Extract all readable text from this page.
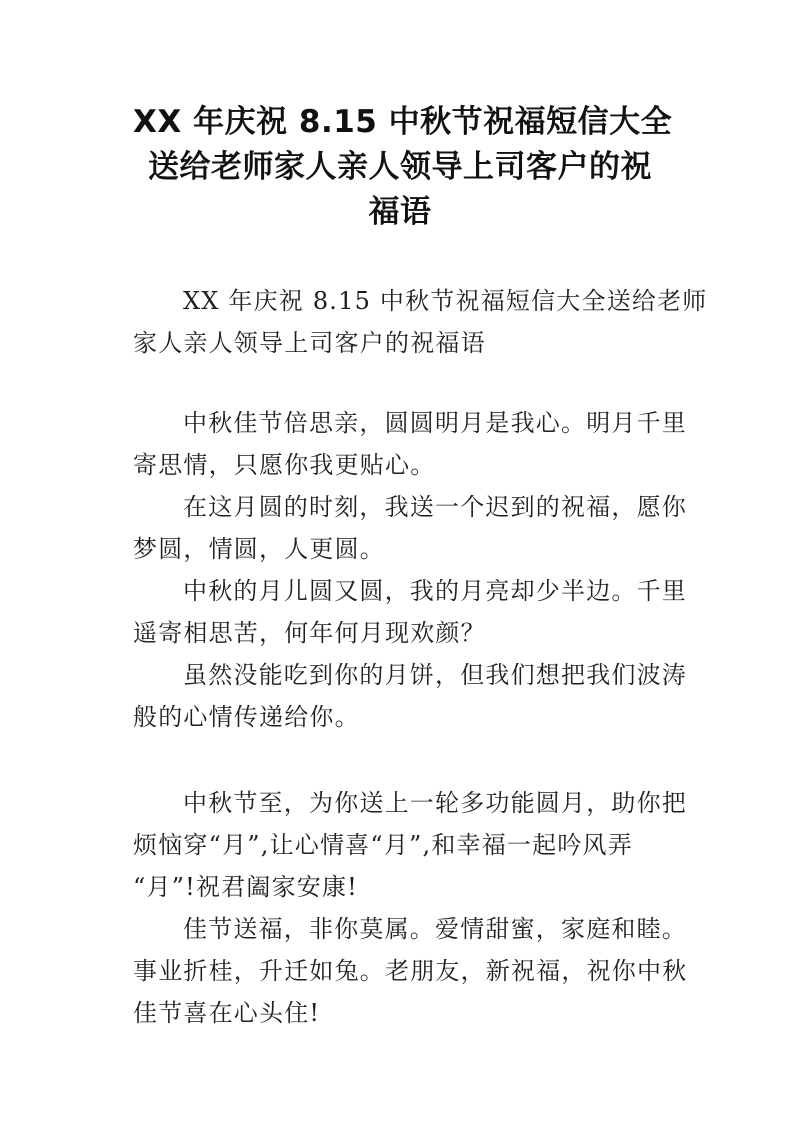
XX 年庆祝 8.15 中秋节祝福短信大全
送给老师家人亲人领导上司客户的祝
福语

XX 年庆祝 8.15 中秋节祝福短信大全送给老师
家人亲人领导上司客户的祝福语

中秋佳节倍思亲，圆圆明月是我心。明月千里
寄思情，只愿你我更贴心。

在这月圆的时刻，我送一个迟到的祝福，愿你
梦圆，情圆，人更圆。

中秋的月儿圆又圆，我的月亮却少半边。千里
遥寄相思苦，何年何月现欢颜？

虽然没能吃到你的月饼，但我们想把我们波涛
般的心情传递给你。

中秋节至，为你送上一轮多功能圆月，助你把
烦恼穿“月”,让心情喜“月”,和幸福一起吟风弄
“月”!祝君阖家安康!

佳节送福，非你莫属。爱情甜蜜，家庭和睦。
事业折桂，升迁如兔。老朋友，新祝福，祝你中秋
佳节喜在心头住!
